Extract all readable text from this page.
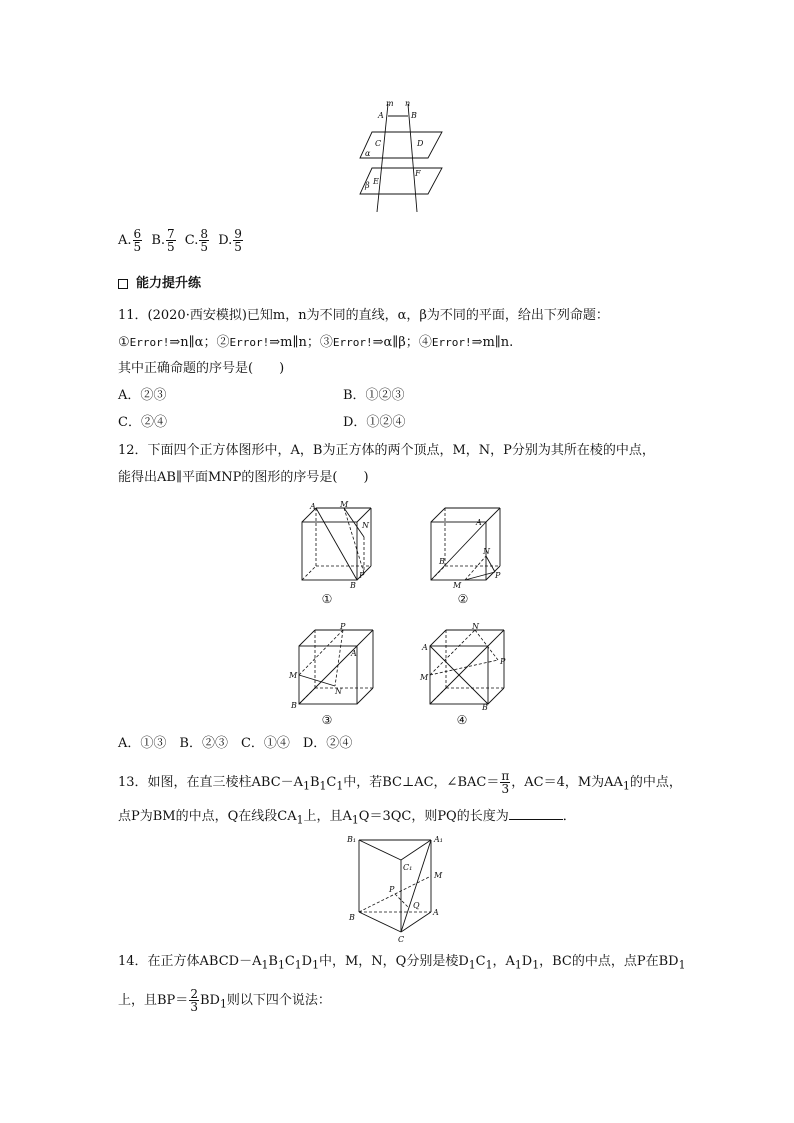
m n
A	B
C	D
α
β E
F
A. $\frac{6}{5} B$. $\frac{7}{5} C$. $\frac{8}{5} D$. $\frac{9}{5}$
能力提升练
11．(2020·西安模拟)已知m，n为不同的直线，α，β为不同的平面，给出下列命题：
①Error!⇒n∥α；②Error!⇒m∥n；③Error!⇒α∥β；④Error!⇒m∥n.
其中正确命题的序号是(　　)
A．②③	B．①②③
C．②④	D．①②④
12．下面四个正方体图形中，A，B为正方体的两个顶点，M，N，P分别为其所在棱的中点，
能得出AB∥平面MNP的图形的序号是(　　)
A	M
N
P
B
①
A
N
B
P
M
②
P
A
M
N
B
③
N
A
P
M
B
④
A．①③　B．②③　C．①④　D．②④
13．如图，在直三棱柱$ABC-A_1B_1C_1$中，若BC⊥AC，∠BAC＝ $\frac{\pi}{3}$ ，AC＝4，M为$AA_1$的中点，
点P为BM的中点，Q在线段$CA_1$上，且$A_1Q=3QC$，则PQ的长度为	．
B₁	A₁
C₁
M
P
Q
B
A
C
14．在正方体$ABCD-A_1B_1C_1D_1$中，M，N，Q分别是棱$D_1C_1$，$A_1D_1$，BC的中点，点P在$BD_1$
上，且$BP= \frac{2}{3} BD_1$则以下四个说法：
